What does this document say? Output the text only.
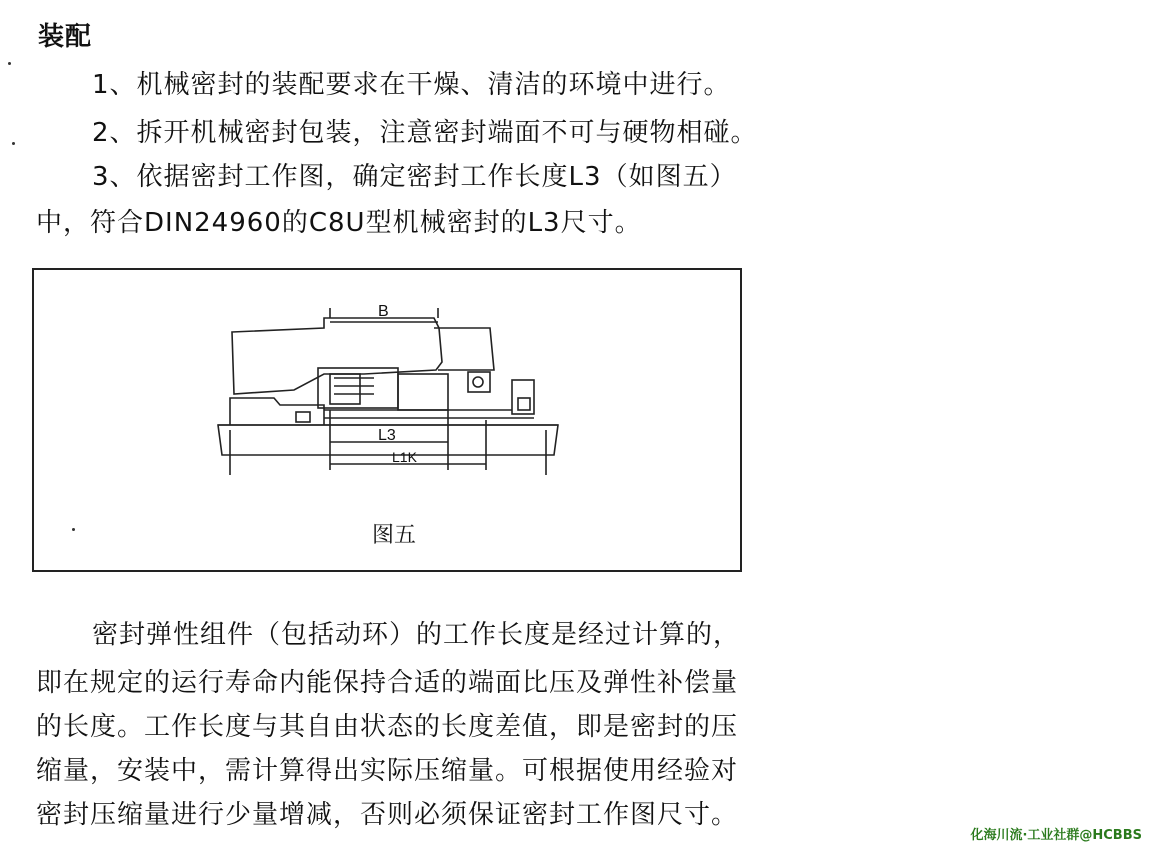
装配
1、机械密封的装配要求在干燥、清洁的环境中进行。
2、拆开机械密封包装，注意密封端面不可与硬物相碰。
3、依据密封工作图，确定密封工作长度L3（如图五）
中，符合DIN24960的C8U型机械密封的L3尺寸。
B
L3
L1K
图五
密封弹性组件（包括动环）的工作长度是经过计算的，
即在规定的运行寿命内能保持合适的端面比压及弹性补偿量
的长度。工作长度与其自由状态的长度差值，即是密封的压
缩量，安装中，需计算得出实际压缩量。可根据使用经验对
密封压缩量进行少量增减，否则必须保证密封工作图尺寸。
化海川流·工业社群@HCBBS
